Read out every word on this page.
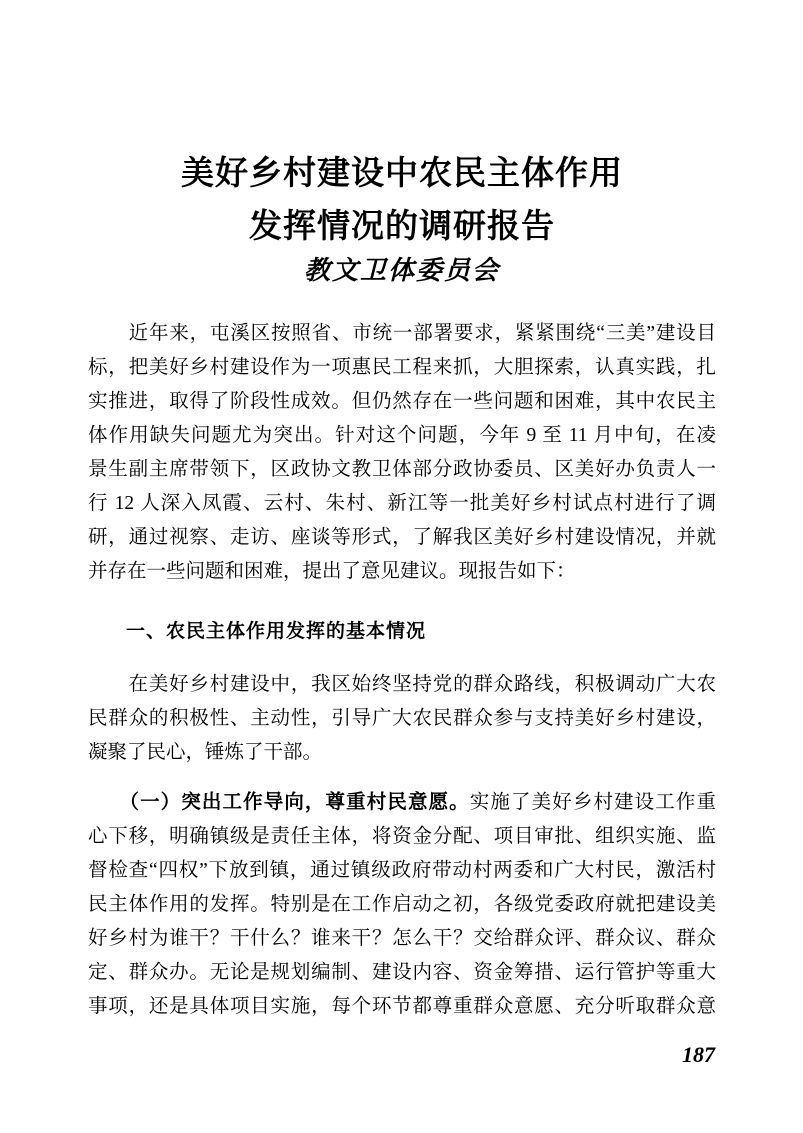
美好乡村建设中农民主体作用
发挥情况的调研报告
教文卫体委员会
　　近年来，屯溪区按照省、市统一部署要求，紧紧围绕“三美”建设目
标，把美好乡村建设作为一项惠民工程来抓，大胆探索，认真实践，扎
实推进，取得了阶段性成效。但仍然存在一些问题和困难，其中农民主
体作用缺失问题尤为突出。针对这个问题，今年 9 至 11 月中旬，在凌
景生副主席带领下，区政协文教卫体部分政协委员、区美好办负责人一
行 12 人深入凤霞、云村、朱村、新江等一批美好乡村试点村进行了调
研，通过视察、走访、座谈等形式，了解我区美好乡村建设情况，并就
并存在一些问题和困难，提出了意见建议。现报告如下：
一、农民主体作用发挥的基本情况
　　在美好乡村建设中，我区始终坚持党的群众路线，积极调动广大农
民群众的积极性、主动性，引导广大农民群众参与支持美好乡村建设，
凝聚了民心，锤炼了干部。
　　（一）突出工作导向，尊重村民意愿。实施了美好乡村建设工作重
心下移，明确镇级是责任主体，将资金分配、项目审批、组织实施、监
督检查“四权”下放到镇，通过镇级政府带动村两委和广大村民，激活村
民主体作用的发挥。特别是在工作启动之初，各级党委政府就把建设美
好乡村为谁干？干什么？谁来干？怎么干？交给群众评、群众议、群众
定、群众办。无论是规划编制、建设内容、资金筹措、运行管护等重大
事项，还是具体项目实施，每个环节都尊重群众意愿、充分听取群众意
187
